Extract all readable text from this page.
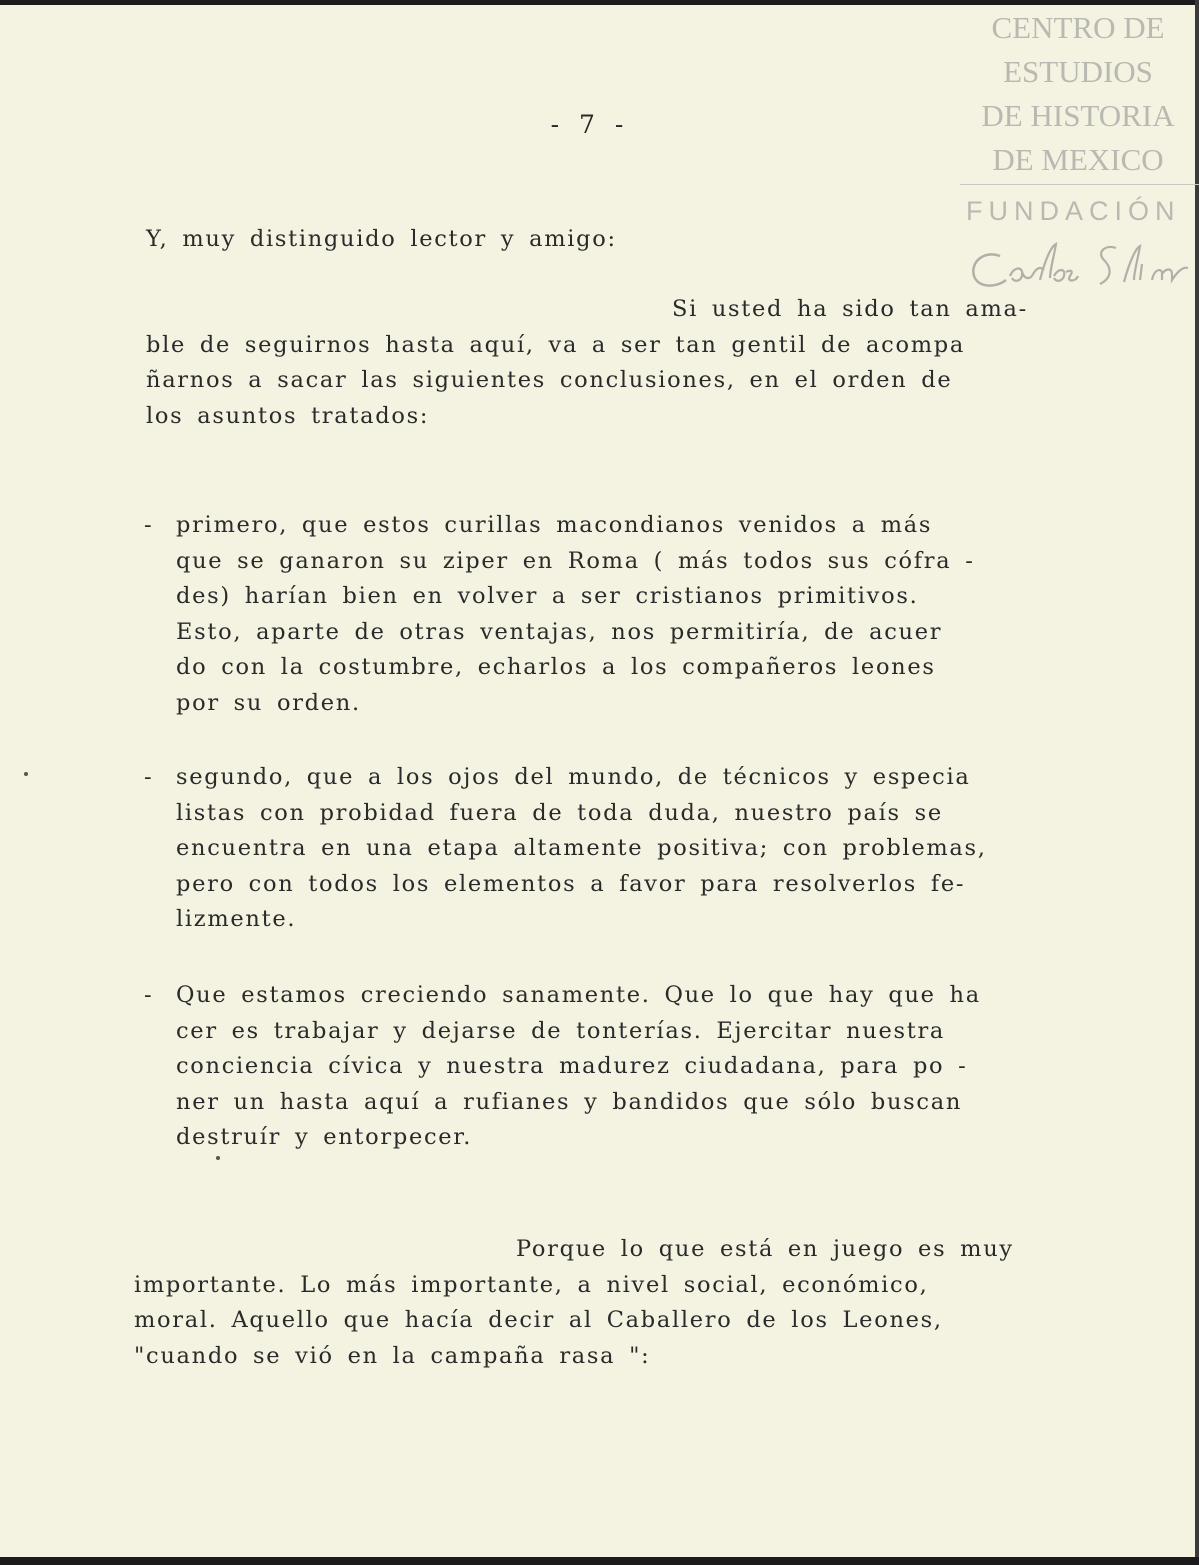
CENTRO DE
ESTUDIOS
DE HISTORIA
DE MEXICO
FUNDACIÓN
- 7 -
Y, muy distinguido lector y amigo:
Si usted ha sido tan ama-
ble de seguirnos hasta aquí, va a ser tan gentil de acompa
ñarnos a sacar las siguientes conclusiones, en el orden de
los asuntos tratados:
- primero, que estos curillas macondianos venidos a más
que se ganaron su ziper en Roma ( más todos sus cófra -
des) harían bien en volver a ser cristianos primitivos.
Esto, aparte de otras ventajas, nos permitiría, de acuer
do con la costumbre, echarlos a los compañeros leones
por su orden.
- segundo, que a los ojos del mundo, de técnicos y especia
listas con probidad fuera de toda duda, nuestro país se
encuentra en una etapa altamente positiva; con problemas,
pero con todos los elementos a favor para resolverlos fe-
lizmente.
- Que estamos creciendo sanamente. Que lo que hay que ha
cer es trabajar y dejarse de tonterías. Ejercitar nuestra
conciencia cívica y nuestra madurez ciudadana, para po -
ner un hasta aquí a rufianes y bandidos que sólo buscan
destruír y entorpecer.
Porque lo que está en juego es muy
importante. Lo más importante, a nivel social, económico,
moral. Aquello que hacía decir al Caballero de los Leones,
"cuando se vió en la campaña rasa ":
